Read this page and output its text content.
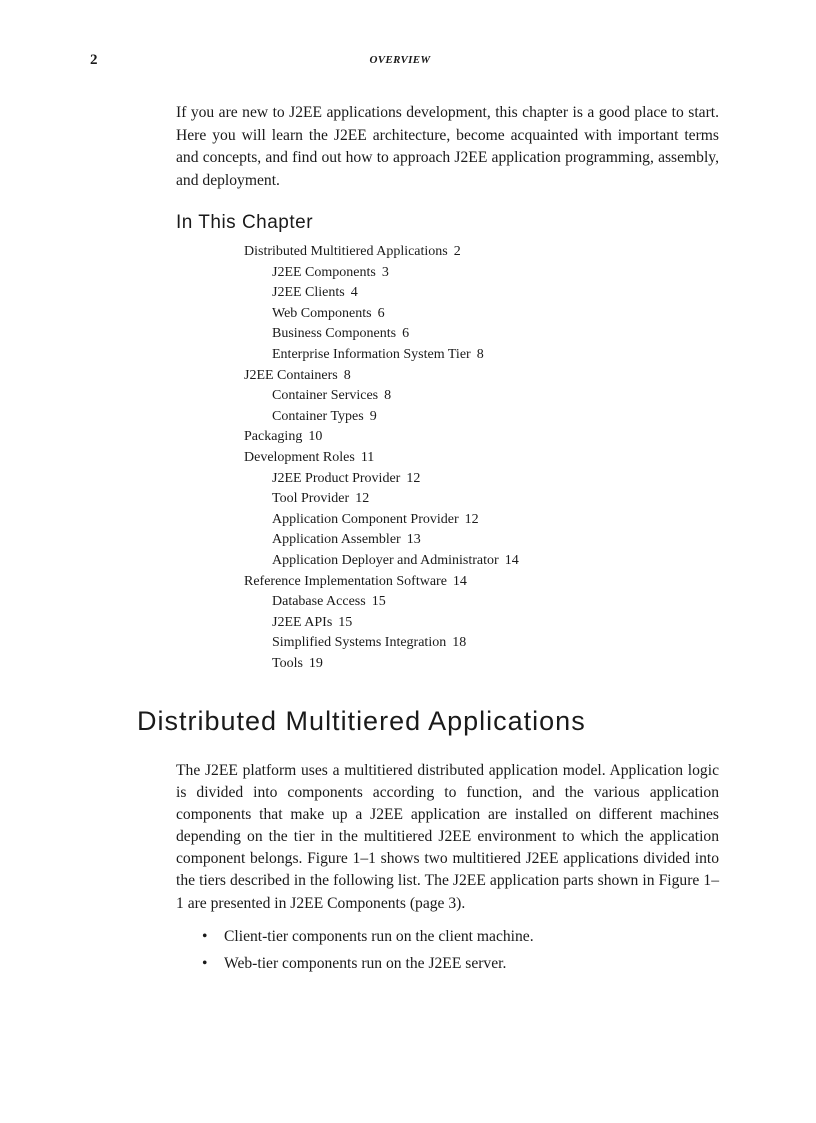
2	OVERVIEW

If you are new to J2EE applications development, this chapter is a good place to start. Here you will learn the J2EE architecture, become acquainted with important terms and concepts, and find out how to approach J2EE application programming, assembly, and deployment.

In This Chapter
Distributed Multitiered Applications 2
J2EE Components 3
J2EE Clients 4
Web Components 6
Business Components 6
Enterprise Information System Tier 8
J2EE Containers 8
Container Services 8
Container Types 9
Packaging 10
Development Roles 11
J2EE Product Provider 12
Tool Provider 12
Application Component Provider 12
Application Assembler 13
Application Deployer and Administrator 14
Reference Implementation Software 14
Database Access 15
J2EE APIs 15
Simplified Systems Integration 18
Tools 19
Distributed Multitiered Applications

The J2EE platform uses a multitiered distributed application model. Application logic is divided into components according to function, and the various application components that make up a J2EE application are installed on different machines depending on the tier in the multitiered J2EE environment to which the application component belongs. Figure 1–1 shows two multitiered J2EE applications divided into the tiers described in the following list. The J2EE application parts shown in Figure 1–1 are presented in J2EE Components (page 3).

• Client-tier components run on the client machine.
• Web-tier components run on the J2EE server.
